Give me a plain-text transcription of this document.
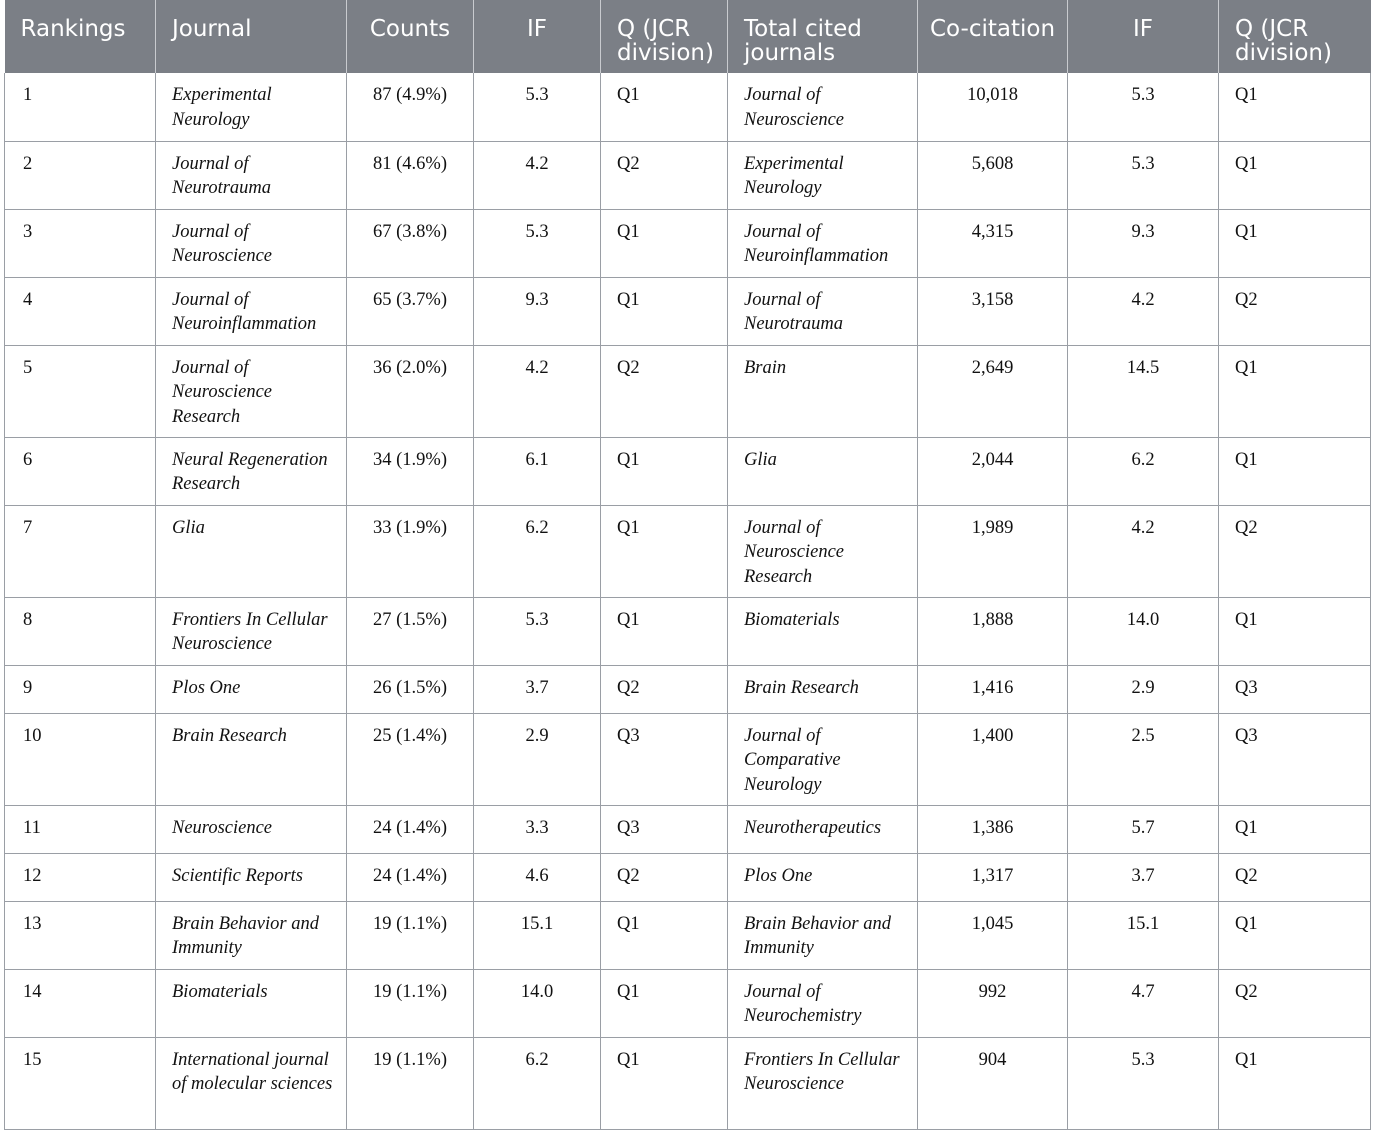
Rankings	Journal	Counts	IF	Q (JCR division)	Total cited journals	Co-citation	IF	Q (JCR division)
1	Experimental Neurology	87 (4.9%)	5.3	Q1	Journal of Neuroscience	10,018	5.3	Q1
2	Journal of Neurotrauma	81 (4.6%)	4.2	Q2	Experimental Neurology	5,608	5.3	Q1
3	Journal of Neuroscience	67 (3.8%)	5.3	Q1	Journal of Neuroinflammation	4,315	9.3	Q1
4	Journal of Neuroinflammation	65 (3.7%)	9.3	Q1	Journal of Neurotrauma	3,158	4.2	Q2
5	Journal of Neuroscience Research	36 (2.0%)	4.2	Q2	Brain	2,649	14.5	Q1
6	Neural Regeneration Research	34 (1.9%)	6.1	Q1	Glia	2,044	6.2	Q1
7	Glia	33 (1.9%)	6.2	Q1	Journal of Neuroscience Research	1,989	4.2	Q2
8	Frontiers In Cellular Neuroscience	27 (1.5%)	5.3	Q1	Biomaterials	1,888	14.0	Q1
9	Plos One	26 (1.5%)	3.7	Q2	Brain Research	1,416	2.9	Q3
10	Brain Research	25 (1.4%)	2.9	Q3	Journal of Comparative Neurology	1,400	2.5	Q3
11	Neuroscience	24 (1.4%)	3.3	Q3	Neurotherapeutics	1,386	5.7	Q1
12	Scientific Reports	24 (1.4%)	4.6	Q2	Plos One	1,317	3.7	Q2
13	Brain Behavior and Immunity	19 (1.1%)	15.1	Q1	Brain Behavior and Immunity	1,045	15.1	Q1
14	Biomaterials	19 (1.1%)	14.0	Q1	Journal of Neurochemistry	992	4.7	Q2
15	International journal of molecular sciences	19 (1.1%)	6.2	Q1	Frontiers In Cellular Neuroscience	904	5.3	Q1
